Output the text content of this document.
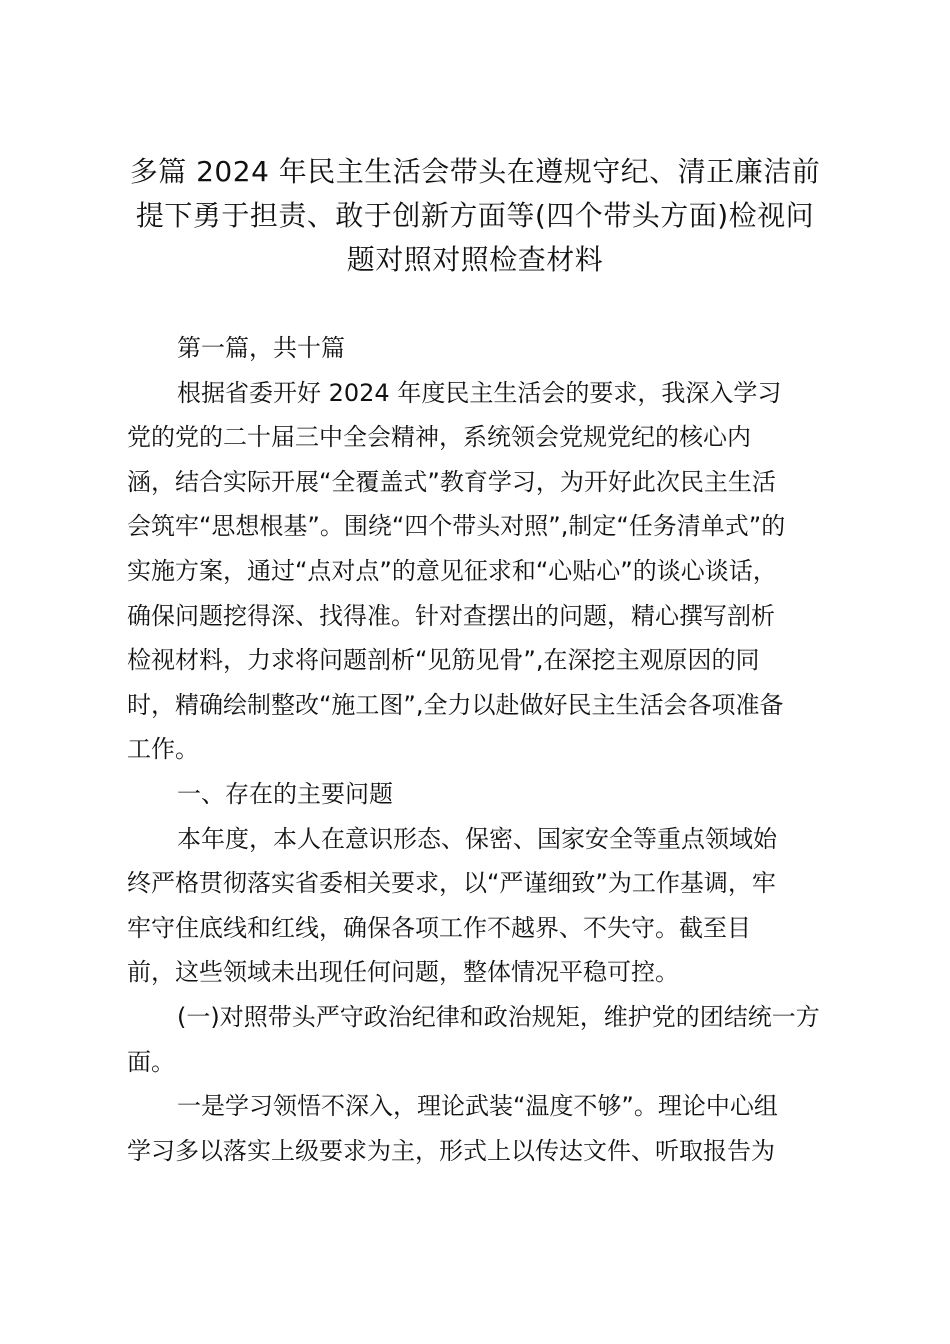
多篇 2024 年民主生活会带头在遵规守纪、清正廉洁前
提下勇于担责、敢于创新方面等(四个带头方面)检视问
题对照对照检查材料
第一篇，共十篇
根据省委开好 2024 年度民主生活会的要求，我深入学习
党的党的二十届三中全会精神，系统领会党规党纪的核心内
涵，结合实际开展“全覆盖式”教育学习，为开好此次民主生活
会筑牢“思想根基”。围绕“四个带头对照”,制定“任务清单式”的
实施方案，通过“点对点”的意见征求和“心贴心”的谈心谈话，
确保问题挖得深、找得准。针对查摆出的问题，精心撰写剖析
检视材料，力求将问题剖析“见筋见骨”,在深挖主观原因的同
时，精确绘制整改“施工图”,全力以赴做好民主生活会各项准备
工作。
一、存在的主要问题
本年度，本人在意识形态、保密、国家安全等重点领域始
终严格贯彻落实省委相关要求，以“严谨细致”为工作基调，牢
牢守住底线和红线，确保各项工作不越界、不失守。截至目
前，这些领域未出现任何问题，整体情况平稳可控。
(一)对照带头严守政治纪律和政治规矩，维护党的团结统一方
面。
一是学习领悟不深入，理论武装“温度不够”。理论中心组
学习多以落实上级要求为主，形式上以传达文件、听取报告为
